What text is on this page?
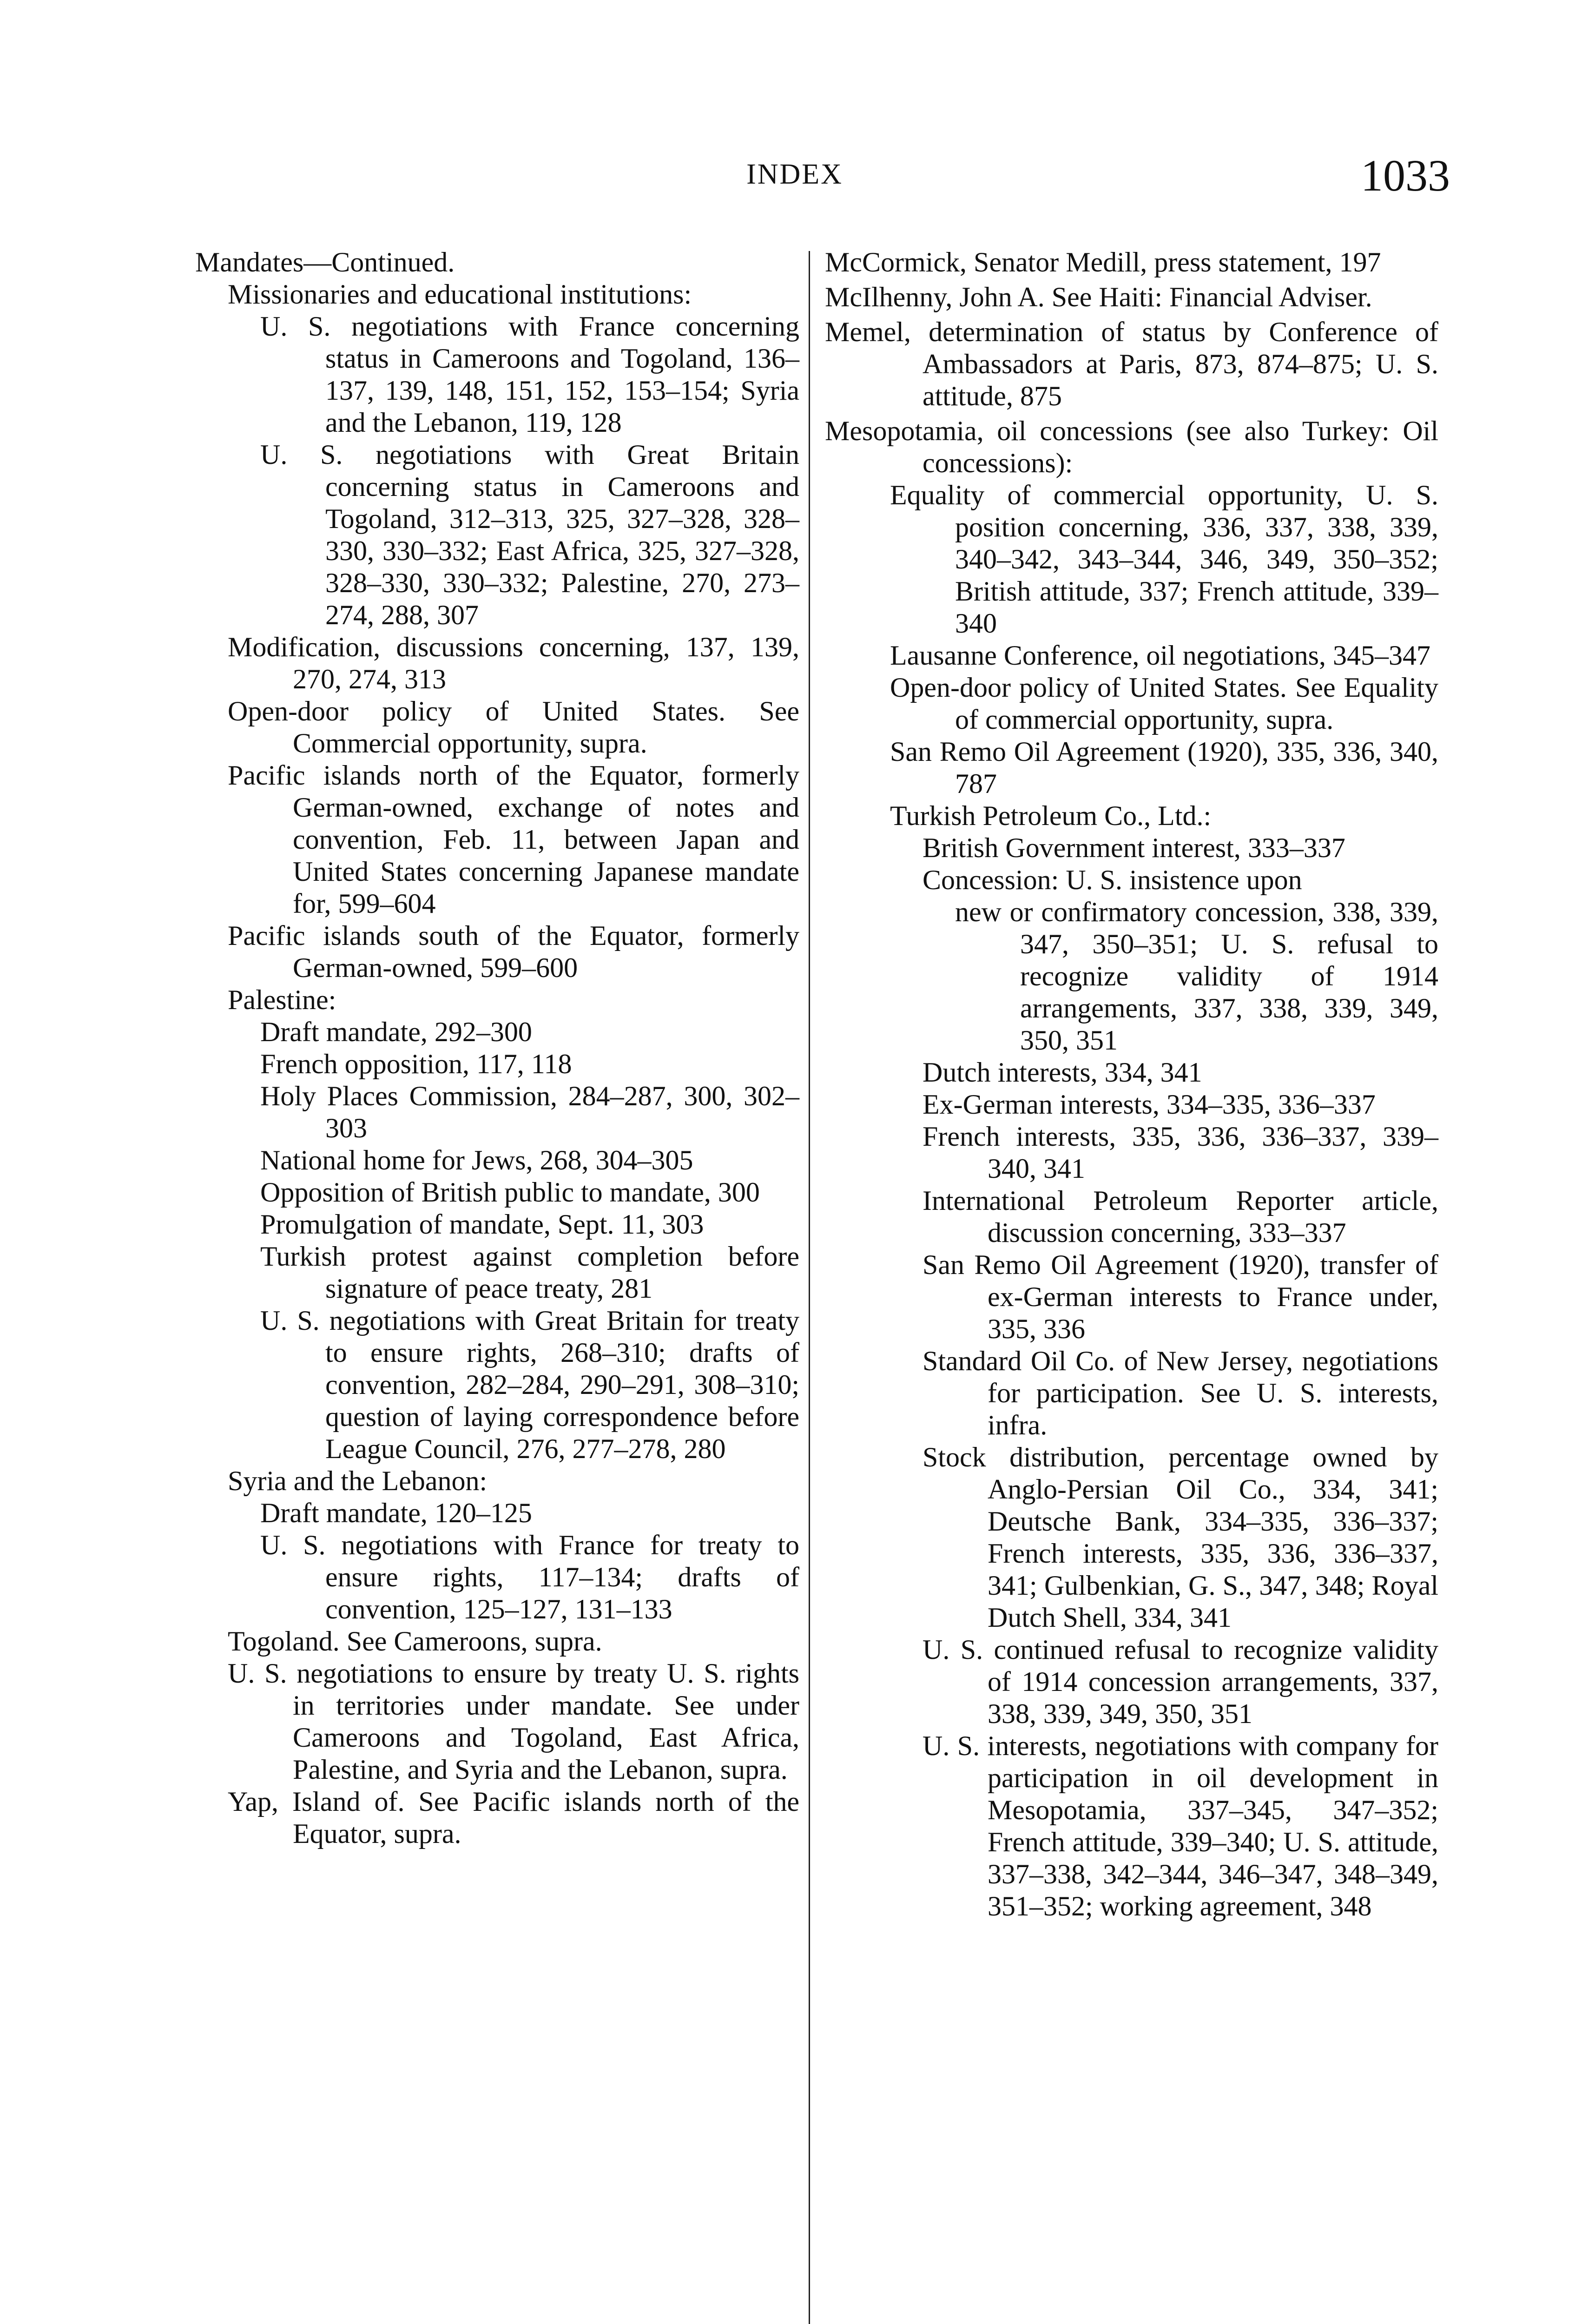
INDEX	1033
Mandates—Continued.
Missionaries and educational institutions:
U. S. negotiations with France concerning status in Cameroons and Togoland, 136–137, 139, 148, 151, 152, 153–154; Syria and the Lebanon, 119, 128
U. S. negotiations with Great Britain concerning status in Cameroons and Togoland, 312–313, 325, 327–328, 328–330, 330–332; East Africa, 325, 327–328, 328–330, 330–332; Palestine, 270, 273–274, 288, 307
Modification, discussions concerning, 137, 139, 270, 274, 313
Open-door policy of United States. See Commercial opportunity, supra.
Pacific islands north of the Equator, formerly German-owned, exchange of notes and convention, Feb. 11, between Japan and United States concerning Japanese mandate for, 599–604
Pacific islands south of the Equator, formerly German-owned, 599–600
Palestine:
Draft mandate, 292–300
French opposition, 117, 118
Holy Places Commission, 284–287, 300, 302–303
National home for Jews, 268, 304–305
Opposition of British public to mandate, 300
Promulgation of mandate, Sept. 11, 303
Turkish protest against completion before signature of peace treaty, 281
U. S. negotiations with Great Britain for treaty to ensure rights, 268–310; drafts of convention, 282–284, 290–291, 308–310; question of laying correspondence before League Council, 276, 277–278, 280
Syria and the Lebanon:
Draft mandate, 120–125
U. S. negotiations with France for treaty to ensure rights, 117–134; drafts of convention, 125–127, 131–133
Togoland. See Cameroons, supra.
U. S. negotiations to ensure by treaty U. S. rights in territories under mandate. See under Cameroons and Togoland, East Africa, Palestine, and Syria and the Lebanon, supra.
Yap, Island of. See Pacific islands north of the Equator, supra.
McCormick, Senator Medill, press statement, 197
McIlhenny, John A. See Haiti: Financial Adviser.
Memel, determination of status by Conference of Ambassadors at Paris, 873, 874–875; U. S. attitude, 875
Mesopotamia, oil concessions (see also Turkey: Oil concessions):
Equality of commercial opportunity, U. S. position concerning, 336, 337, 338, 339, 340–342, 343–344, 346, 349, 350–352; British attitude, 337; French attitude, 339–340
Lausanne Conference, oil negotiations, 345–347
Open-door policy of United States. See Equality of commercial opportunity, supra.
San Remo Oil Agreement (1920), 335, 336, 340, 787
Turkish Petroleum Co., Ltd.:
British Government interest, 333–337
Concession: U. S. insistence upon
new or confirmatory concession, 338, 339, 347, 350–351; U. S. refusal to recognize validity of 1914 arrangements, 337, 338, 339, 349, 350, 351
Dutch interests, 334, 341
Ex-German interests, 334–335, 336–337
French interests, 335, 336, 336–337, 339–340, 341
International Petroleum Reporter article, discussion concerning, 333–337
San Remo Oil Agreement (1920), transfer of ex-German interests to France under, 335, 336
Standard Oil Co. of New Jersey, negotiations for participation. See U. S. interests, infra.
Stock distribution, percentage owned by Anglo-Persian Oil Co., 334, 341; Deutsche Bank, 334–335, 336–337; French interests, 335, 336, 336–337, 341; Gulbenkian, G. S., 347, 348; Royal Dutch Shell, 334, 341
U. S. continued refusal to recognize validity of 1914 concession arrangements, 337, 338, 339, 349, 350, 351
U. S. interests, negotiations with company for participation in oil development in Mesopotamia, 337–345, 347–352; French attitude, 339–340; U. S. attitude, 337–338, 342–344, 346–347, 348–349, 351–352; working agreement, 348
